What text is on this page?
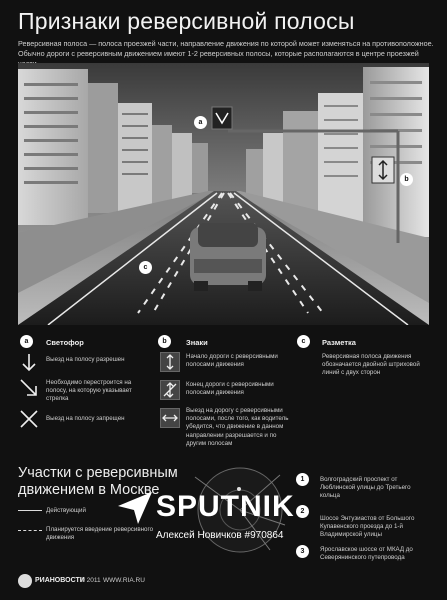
Признаки реверсивной полосы
Реверсивная полоса — полоса проезжей части, направление движения по которой может изменяться на противоположное. Обычно дороги с реверсивным движением имеют 1-2 реверсивных полосы, которые располагаются в центре проезжей
a
b
c
a	Светофор
Выезд на полосу разрешен
Необходимо перестроится на полосу, на которую указывает стрелка
Выезд на полосу запрещен
b	Знаки
Начало дороги с реверсивными полосами движения
Конец дороги с реверсивными полосами движения
Выезд на дорогу с реверсивными полосами, после того, как водитель убедится, что движение в данном направлении разрешается и по другим полосам
c	Разметка
Реверсивная полоса движения обозначается двойной штриховой линий с двух сторон
Участки с реверсивным
движением в Москве
Действующий
Планируется введение реверсивного движения
1	Волгоградский проспект от Люблинской улицы до Третьего кольца
2
Шоссе Энтузиастов от Большого Купавенского проезда до 1-й Владимирской улицы
3	Ярославское шоссе от МКАД до Северянинского путепровода
РИАНОВОСТИ
© 2011 WWW.RIA.RU
SPUTNIK
Алексей Новичков #970864
